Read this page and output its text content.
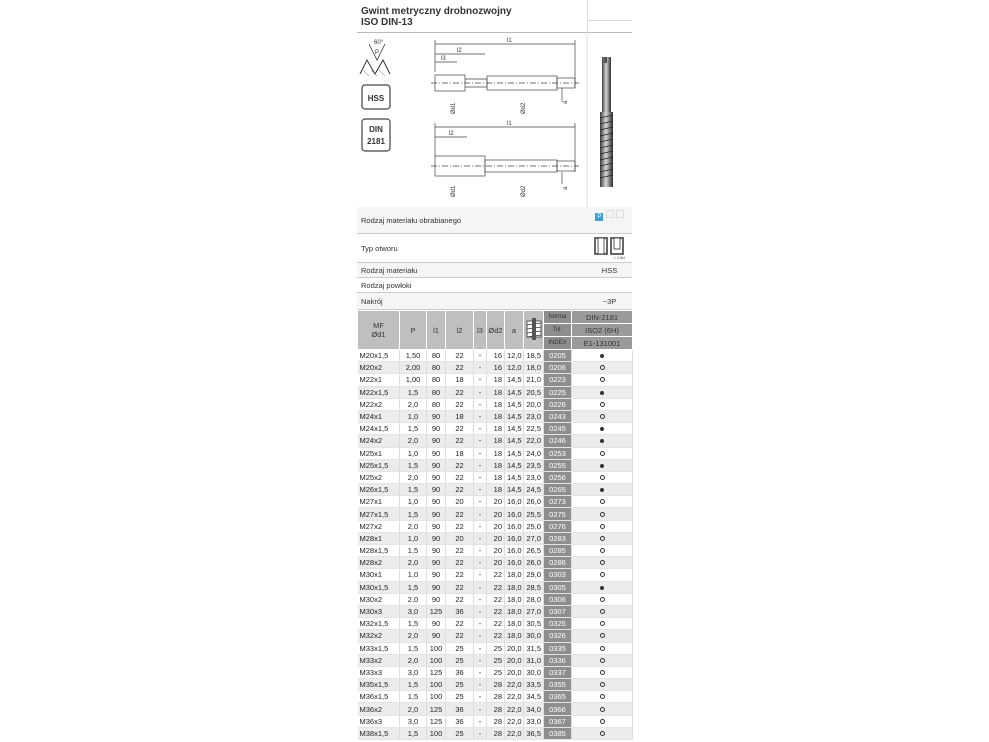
Gwint metryczny drobnozwojny
ISO DIN-13
60°
P
HSS
DIN
2181
l1
l2
l3
Ød1	Ød2
a
l1
l2
Ød1	Ød2	a
Rodzaj materiału obrabianego	P
Typ otworu
< 1.5d
Rodzaj materiału	HSS
Rodzaj powłoki
Nakrój	~3P
MF
Ød1	P	l1	l2	l3	Ød2	a		Norma	DIN-2181
								Tol.	ISO2 (6H)
								INDEX	E1-131001
M20x1,5	1,50	80	22	-	16	12,0	18,5	0205	
M20x2	2,00	80	22	-	16	12,0	18,0	0206	
M22x1	1,00	80	18	-	18	14,5	21,0	0223	
M22x1,5	1,5	80	22	-	18	14,5	20,5	0225	
M22x2	2,0	80	22	-	18	14,5	20,0	0226	
M24x1	1,0	90	18	-	18	14,5	23,0	0243	
M24x1,5	1,5	90	22	-	18	14,5	22,5	0245	
M24x2	2,0	90	22	-	18	14,5	22,0	0246	
M25x1	1,0	90	18	-	18	14,5	24,0	0253	
M25x1,5	1,5	90	22	-	18	14,5	23,5	0255	
M25x2	2,0	90	22	-	18	14,5	23,0	0256	
M26x1,5	1,5	90	22	-	18	14,5	24,5	0265	
M27x1	1,0	90	20	-	20	16,0	26,0	0273	
M27x1,5	1,5	90	22	-	20	16,0	25,5	0275	
M27x2	2,0	90	22	-	20	16,0	25,0	0276	
M28x1	1,0	90	20	-	20	16,0	27,0	0283	
M28x1,5	1,5	90	22	-	20	16,0	26,5	0285	
M28x2	2,0	90	22	-	20	16,0	26,0	0286	
M30x1	1,0	90	22	-	22	18,0	29,0	0303	
M30x1,5	1,5	90	22	-	22	18,0	28,5	0305	
M30x2	2,0	90	22	-	22	18,0	28,0	0306	
M30x3	3,0	125	36	-	22	18,0	27,0	0307	
M32x1,5	1,5	90	22	-	22	18,0	30,5	0325	
M32x2	2,0	90	22	-	22	18,0	30,0	0326	
M33x1,5	1,5	100	25	-	25	20,0	31,5	0335	
M33x2	2,0	100	25	-	25	20,0	31,0	0336	
M33x3	3,0	125	36	-	25	20,0	30,0	0337	
M35x1,5	1,5	100	25	-	28	22,0	33,5	0355	
M36x1,5	1,5	100	25	-	28	22,0	34,5	0365	
M36x2	2,0	125	36	-	28	22,0	34,0	0366	
M36x3	3,0	125	36	-	28	22,0	33,0	0367	
M38x1,5	1,5	100	25	-	28	22,0	36,5	0385	
